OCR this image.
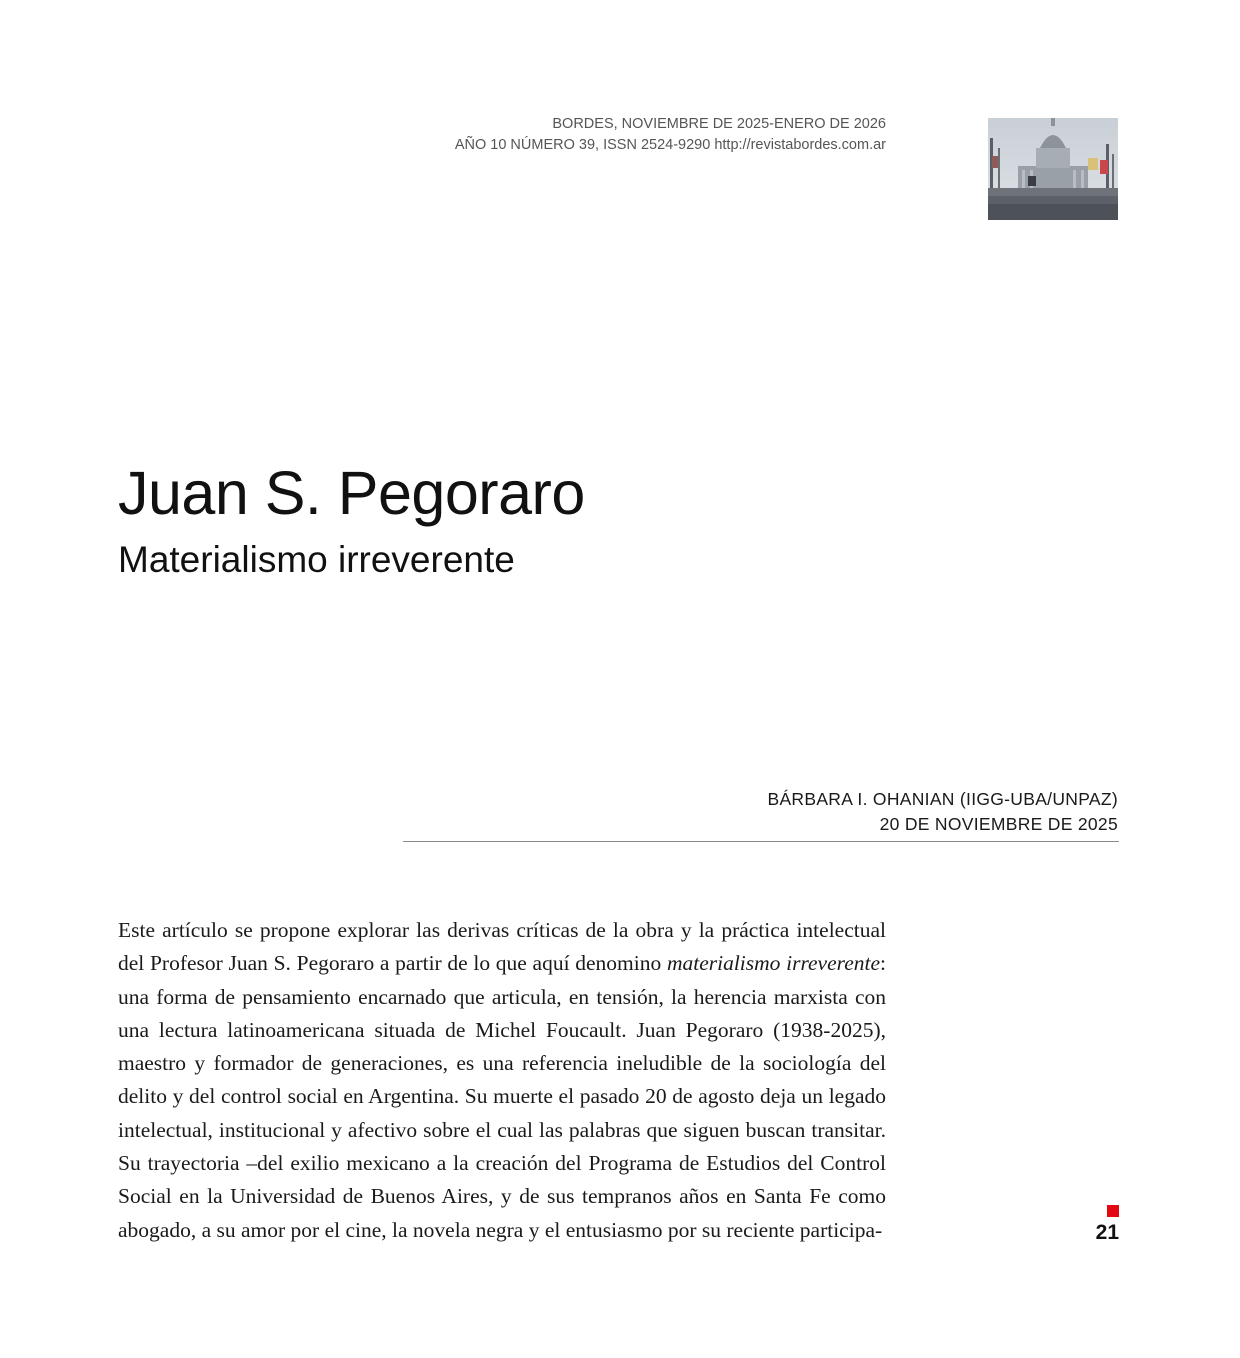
BORDES, NOVIEMBRE DE 2025-ENERO DE 2026
AÑO 10 NÚMERO 39, ISSN 2524-9290 http://revistabordes.com.ar
Juan S. Pegoraro
Materialismo irreverente
BÁRBARA I. OHANIAN (IIGG-UBA/UNPAZ)
20 DE NOVIEMBRE DE 2025
Este artículo se propone explorar las derivas críticas de la obra y la práctica intelectual del Profesor Juan S. Pegoraro a partir de lo que aquí denomino materialismo irreverente: una forma de pensamiento encarnado que articula, en tensión, la herencia marxista con una lectura latinoamericana situada de Michel Foucault. Juan Pegoraro (1938-2025), maestro y formador de generaciones, es una referencia ineludible de la sociología del delito y del control social en Argentina. Su muerte el pasado 20 de agosto deja un legado intelectual, institucional y afectivo sobre el cual las palabras que siguen buscan transitar. Su trayectoria –del exilio mexicano a la creación del Programa de Estudios del Control Social en la Universidad de Buenos Aires, y de sus tempranos años en Santa Fe como abogado, a su amor por el cine, la novela negra y el entusiasmo por su reciente participa-	21
